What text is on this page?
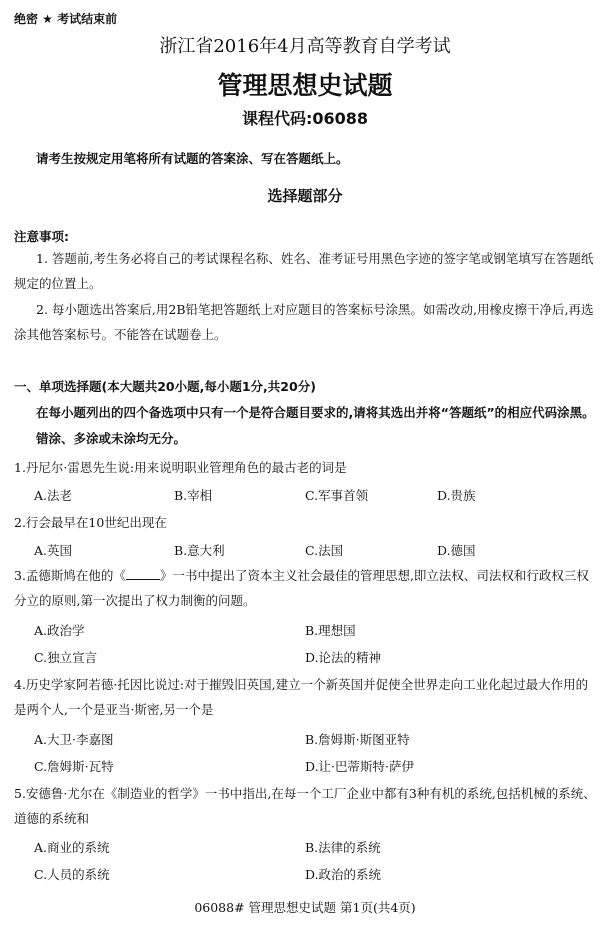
绝密 ★ 考试结束前
浙江省2016年4月高等教育自学考试
管理思想史试题
课程代码:06088
请考生按规定用笔将所有试题的答案涂、写在答题纸上。
选择题部分
注意事项:
1. 答题前,考生务必将自己的考试课程名称、姓名、准考证号用黑色字迹的签字笔或钢笔填写在答题纸规定的位置上。
2. 每小题选出答案后,用2B铅笔把答题纸上对应题目的答案标号涂黑。如需改动,用橡皮擦干净后,再选涂其他答案标号。不能答在试题卷上。
一、单项选择题(本大题共20小题,每小题1分,共20分)
在每小题列出的四个备选项中只有一个是符合题目要求的,请将其选出并将“答题纸”的相应代码涂黑。错涂、多涂或未涂均无分。
1.丹尼尔·雷恩先生说:用来说明职业管理角色的最古老的词是
A.法老	B.宰相	C.军事首领	D.贵族
2.行会最早在10世纪出现在
A.英国	B.意大利	C.法国	D.德国
3.孟德斯鸠在他的《	》一书中提出了资本主义社会最佳的管理思想,即立法权、司法权和行政权三权分立的原则,第一次提出了权力制衡的问题。
A.政治学	B.理想国
C.独立宣言	D.论法的精神
4.历史学家阿若德·托因比说过:对于摧毁旧英国,建立一个新英国并促使全世界走向工业化起过最大作用的是两个人,一个是亚当·斯密,另一个是
A.大卫·李嘉图	B.詹姆斯·斯图亚特
C.詹姆斯·瓦特	D.让·巴蒂斯特·萨伊
5.安德鲁·尤尔在《制造业的哲学》一书中指出,在每一个工厂企业中都有3种有机的系统,包括机械的系统、道德的系统和
A.商业的系统	B.法律的系统
C.人员的系统	D.政治的系统
06088# 管理思想史试题 第1页(共4页)
